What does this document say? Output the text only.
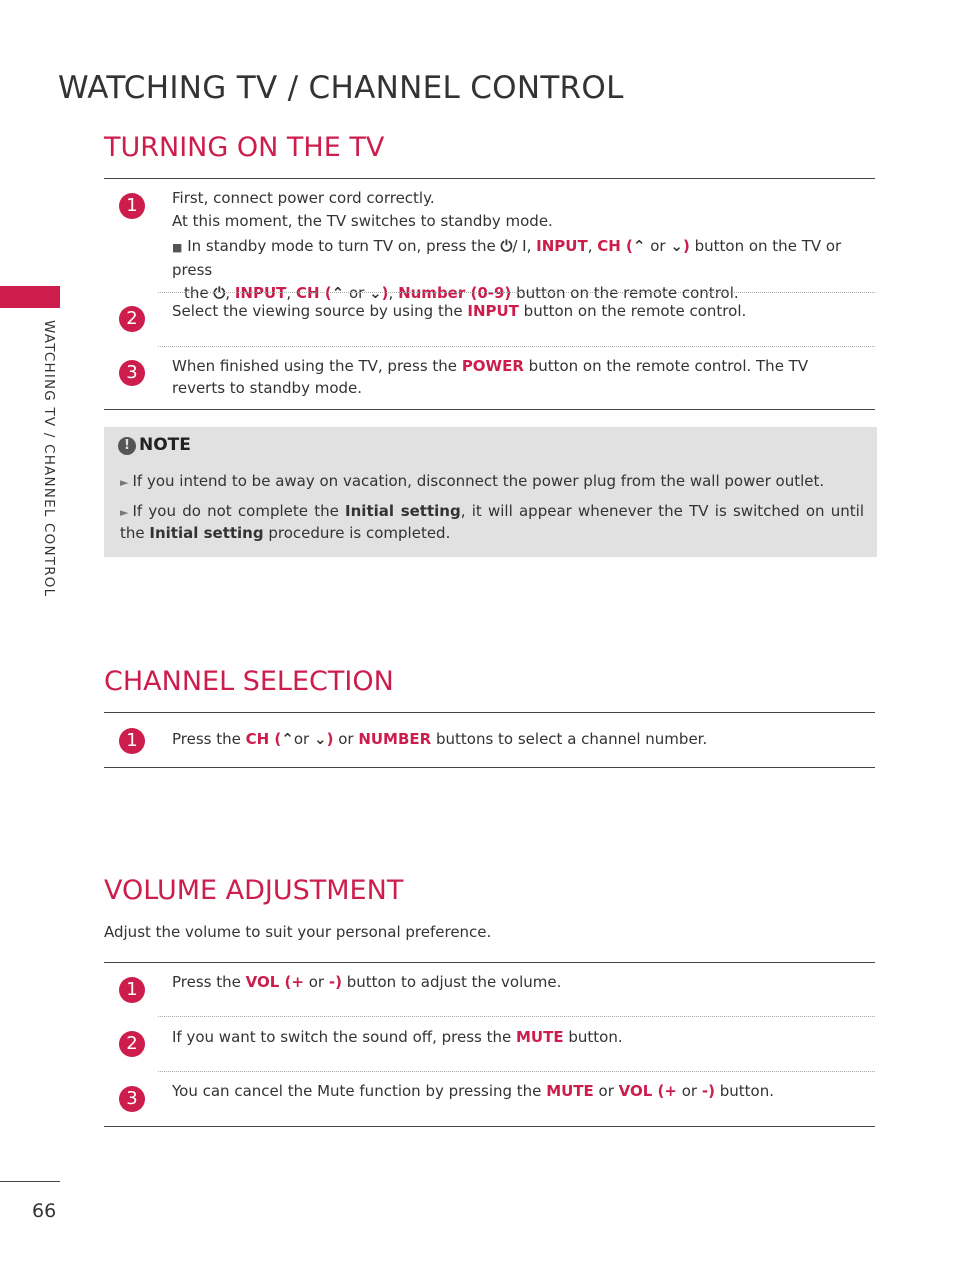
WATCHING TV / CHANNEL CONTROL
66
WATCHING TV / CHANNEL CONTROL
TURNING ON THE TV
1	First, connect power cord correctly.

At this moment, the TV switches to standby mode.

■ In standby mode to turn TV on, press the ⏻/ I, INPUT, CH (⌃ or ⌄) button on the TV or press

the ⏻, INPUT, CH (⌃ or ⌄), Number (0-9) button on the remote control.

2	Select the viewing source by using the INPUT button on the remote control.

3	When finished using the TV, press the POWER button on the remote control. The TV reverts to standby mode.

! NOTE
► If you intend to be away on vacation, disconnect the power plug from the wall power outlet.
► If you do not complete the Initial setting, it will appear whenever the TV is switched on until the Initial setting procedure is completed.
CHANNEL SELECTION
1	Press the CH (⌃or ⌄) or NUMBER buttons to select a channel number.

VOLUME ADJUSTMENT
Adjust the volume to suit your personal preference.
1	Press the VOL (+ or -) button to adjust the volume.

2	If you want to switch the sound off, press the MUTE button.

3	You can cancel the Mute function by pressing the MUTE or VOL (+ or -) button.
